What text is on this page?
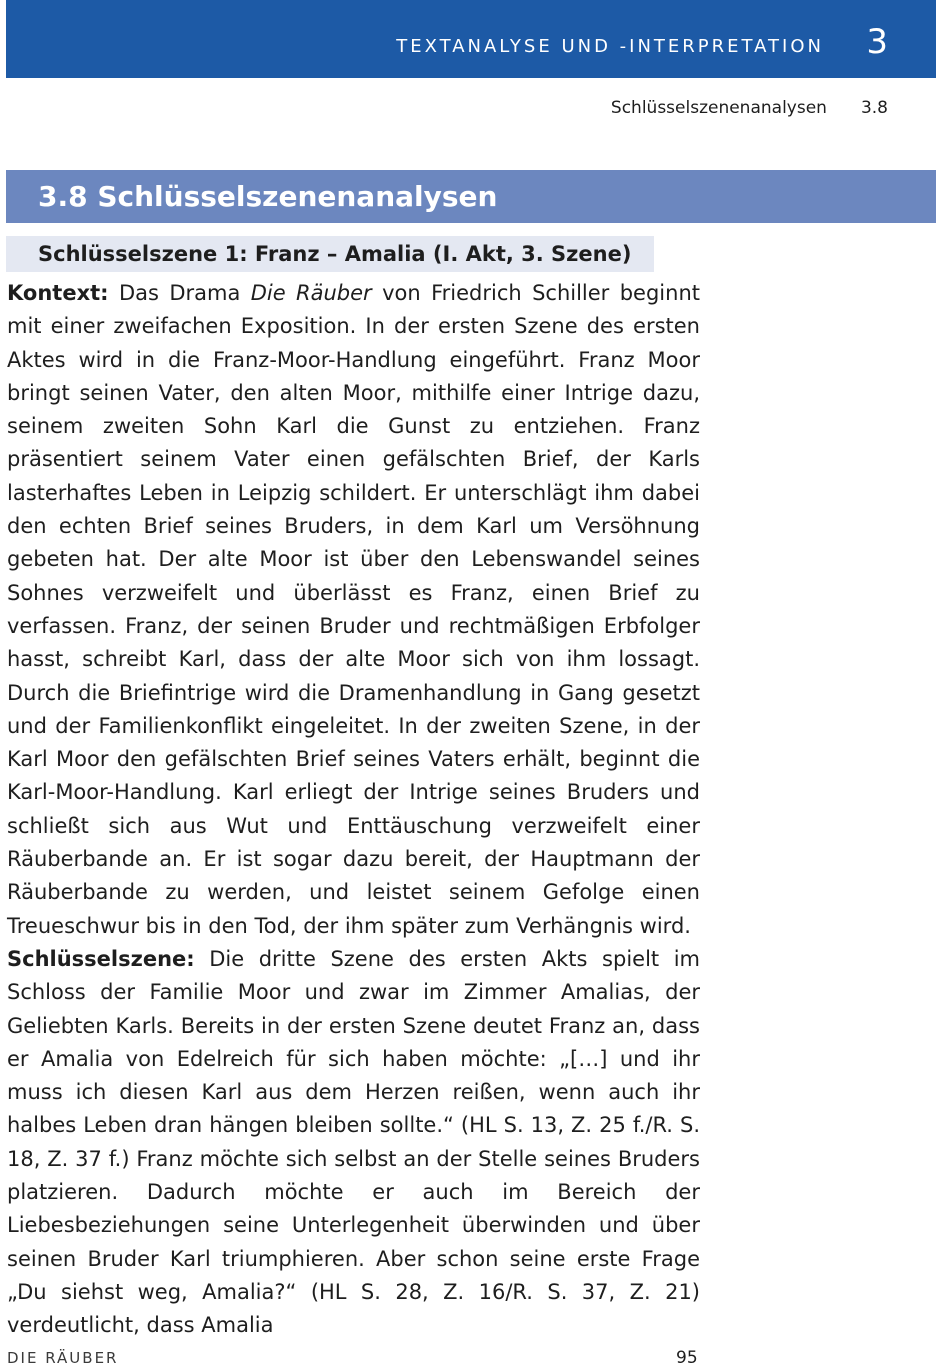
TEXTANALYSE UND -INTERPRETATION 3
Schlüsselszenenanalysen 3.8
3.8 Schlüsselszenenanalysen
Schlüsselszene 1: Franz – Amalia (I. Akt, 3. Szene)

Kontext: Das Drama Die Räuber von Friedrich Schiller beginnt mit einer zweifachen Exposition. In der ersten Szene des ersten Aktes wird in die Franz-Moor-Handlung eingeführt. Franz Moor bringt seinen Vater, den alten Moor, mithilfe einer Intrige dazu, seinem zweiten Sohn Karl die Gunst zu entziehen. Franz präsentiert seinem Vater einen gefälschten Brief, der Karls lasterhaftes Leben in Leipzig schildert. Er unterschlägt ihm dabei den echten Brief seines Bruders, in dem Karl um Versöhnung gebeten hat. Der alte Moor ist über den Lebenswandel seines Sohnes verzweifelt und überlässt es Franz, einen Brief zu verfassen. Franz, der seinen Bruder und rechtmäßigen Erbfolger hasst, schreibt Karl, dass der alte Moor sich von ihm lossagt. Durch die Briefintrige wird die Dramenhandlung in Gang gesetzt und der Familienkonflikt eingeleitet. In der zweiten Szene, in der Karl Moor den gefälschten Brief seines Vaters erhält, beginnt die Karl-Moor-Handlung. Karl erliegt der Intrige seines Bruders und schließt sich aus Wut und Enttäuschung verzweifelt einer Räuberbande an. Er ist sogar dazu bereit, der Hauptmann der Räuberbande zu werden, und leistet seinem Gefolge einen Treueschwur bis in den Tod, der ihm später zum Verhängnis wird.

Schlüsselszene: Die dritte Szene des ersten Akts spielt im Schloss der Familie Moor und zwar im Zimmer Amalias, der Geliebten Karls. Bereits in der ersten Szene deutet Franz an, dass er Amalia von Edelreich für sich haben möchte: „[…] und ihr muss ich diesen Karl aus dem Herzen reißen, wenn auch ihr halbes Leben dran hängen bleiben sollte.“ (HL S. 13, Z. 25 f./R. S. 18, Z. 37 f.) Franz möchte sich selbst an der Stelle seines Bruders platzieren. Dadurch möchte er auch im Bereich der Liebesbeziehungen seine Unterlegenheit überwinden und über seinen Bruder Karl triumphieren. Aber schon seine erste Frage „Du siehst weg, Amalia?“ (HL S. 28, Z. 16/R. S. 37, Z. 21) verdeutlicht, dass Amalia

DIE RÄUBER	95
